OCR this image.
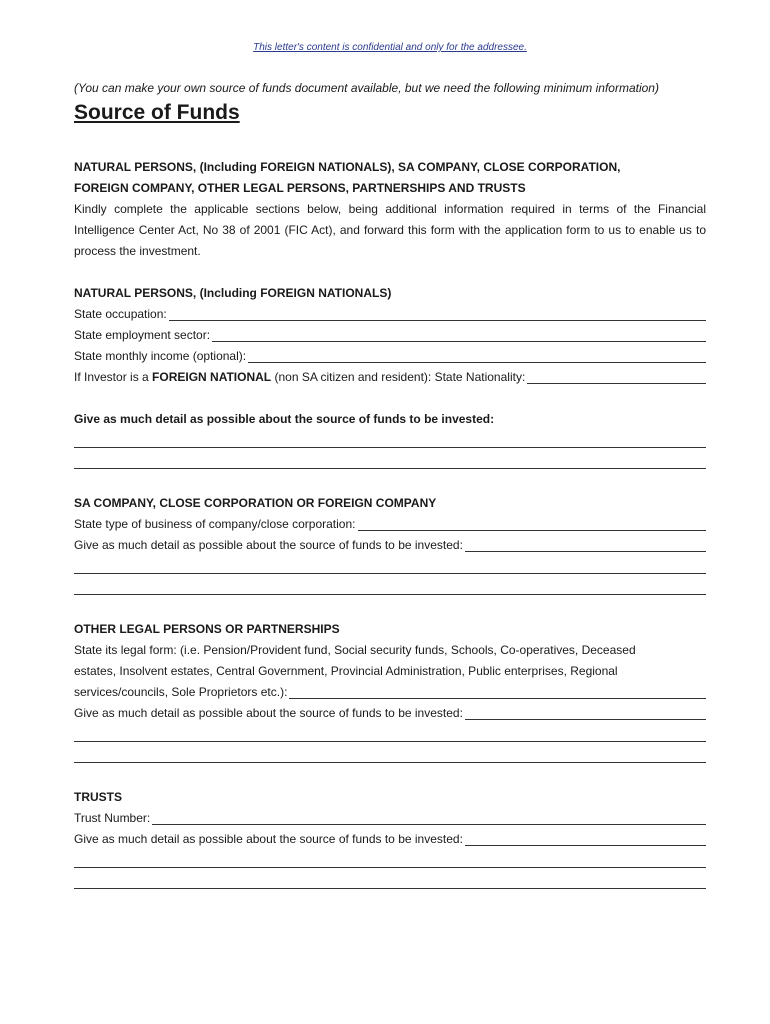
This letter's content is confidential and only for the addressee.
(You can make your own source of funds document available, but we need the following minimum information)
Source of Funds
NATURAL PERSONS, (Including FOREIGN NATIONALS), SA COMPANY, CLOSE CORPORATION,
FOREIGN COMPANY, OTHER LEGAL PERSONS, PARTNERSHIPS AND TRUSTS
Kindly complete the applicable sections below, being additional information required in terms of the Financial Intelligence Center Act, No 38 of 2001 (FIC Act), and forward this form with the application form to us to enable us to process the investment.
NATURAL PERSONS, (Including FOREIGN NATIONALS)
State occupation:
State employment sector:
State monthly income (optional):
If Investor is a FOREIGN NATIONAL (non SA citizen and resident): State Nationality:
Give as much detail as possible about the source of funds to be invested:
SA COMPANY, CLOSE CORPORATION OR FOREIGN COMPANY
State type of business of company/close corporation:
Give as much detail as possible about the source of funds to be invested:
OTHER LEGAL PERSONS OR PARTNERSHIPS
State its legal form: (i.e. Pension/Provident fund, Social security funds, Schools, Co-operatives, Deceased
estates, Insolvent estates, Central Government, Provincial Administration, Public enterprises, Regional
services/councils, Sole Proprietors etc.):
Give as much detail as possible about the source of funds to be invested:
TRUSTS
Trust Number:
Give as much detail as possible about the source of funds to be invested:
